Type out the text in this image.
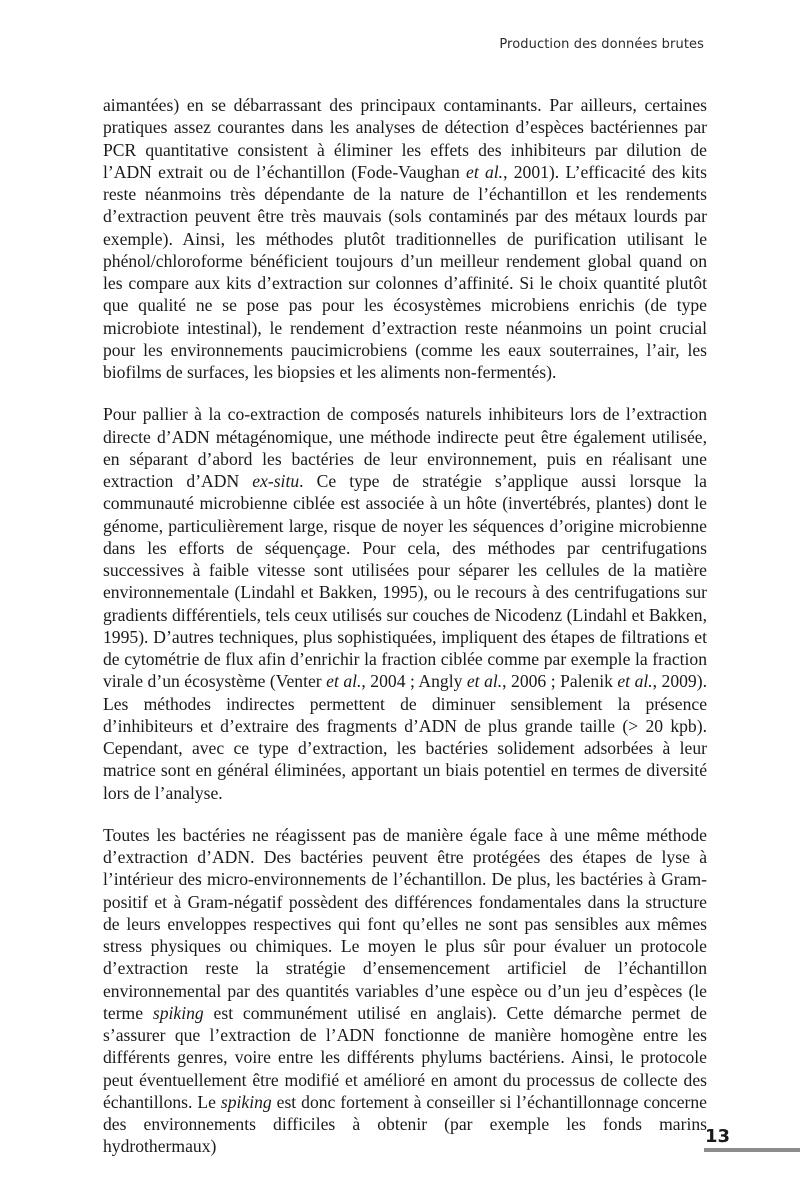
Production des données brutes

aimantées) en se débarrassant des principaux contaminants. Par ailleurs, certaines pratiques assez courantes dans les analyses de détection d’espèces bactériennes par PCR quantitative consistent à éliminer les effets des inhibiteurs par dilution de l’ADN extrait ou de l’échantillon (Fode-Vaughan et al., 2001). L’efficacité des kits reste néanmoins très dépendante de la nature de l’échantillon et les rendements d’extraction peuvent être très mauvais (sols contaminés par des métaux lourds par exemple). Ainsi, les méthodes plutôt traditionnelles de purification utilisant le phénol/chloroforme bénéficient toujours d’un meilleur rendement global quand on les compare aux kits d’extraction sur colonnes d’affinité. Si le choix quantité plutôt que qualité ne se pose pas pour les écosystèmes microbiens enrichis (de type microbiote intestinal), le rendement d’extraction reste néanmoins un point crucial pour les environnements paucimicrobiens (comme les eaux souterraines, l’air, les biofilms de surfaces, les biopsies et les aliments non-fermentés).

Pour pallier à la co-extraction de composés naturels inhibiteurs lors de l’extraction directe d’ADN métagénomique, une méthode indirecte peut être également utilisée, en séparant d’abord les bactéries de leur environnement, puis en réalisant une extraction d’ADN ex-situ. Ce type de stratégie s’applique aussi lorsque la communauté microbienne ciblée est associée à un hôte (invertébrés, plantes) dont le génome, particulièrement large, risque de noyer les séquences d’origine microbienne dans les efforts de séquençage. Pour cela, des méthodes par centrifugations successives à faible vitesse sont utilisées pour séparer les cellules de la matière environnementale (Lindahl et Bakken, 1995), ou le recours à des centrifugations sur gradients différentiels, tels ceux utilisés sur couches de Nicodenz (Lindahl et Bakken, 1995). D’autres techniques, plus sophistiquées, impliquent des étapes de filtrations et de cytométrie de flux afin d’enrichir la fraction ciblée comme par exemple la fraction virale d’un écosystème (Venter et al., 2004 ; Angly et al., 2006 ; Palenik et al., 2009). Les méthodes indirectes permettent de diminuer sensiblement la présence d’inhibiteurs et d’extraire des fragments d’ADN de plus grande taille (> 20 kpb). Cependant, avec ce type d’extraction, les bactéries solidement adsorbées à leur matrice sont en général éliminées, apportant un biais potentiel en termes de diversité lors de l’analyse.

Toutes les bactéries ne réagissent pas de manière égale face à une même méthode d’extraction d’ADN. Des bactéries peuvent être protégées des étapes de lyse à l’intérieur des micro-environnements de l’échantillon. De plus, les bactéries à Gram-positif et à Gram-négatif possèdent des différences fondamentales dans la structure de leurs enveloppes respectives qui font qu’elles ne sont pas sensibles aux mêmes stress physiques ou chimiques. Le moyen le plus sûr pour évaluer un protocole d’extraction reste la stratégie d’ensemencement artificiel de l’échantillon environnemental par des quantités variables d’une espèce ou d’un jeu d’espèces (le terme spiking est communément utilisé en anglais). Cette démarche permet de s’assurer que l’extraction de l’ADN fonctionne de manière homogène entre les différents genres, voire entre les différents phylums bactériens. Ainsi, le protocole peut éventuellement être modifié et amélioré en amont du processus de collecte des échantillons. Le spiking est donc fortement à conseiller si l’échantillonnage concerne des environnements difficiles à obtenir (par exemple les fonds marins hydrothermaux)	13
